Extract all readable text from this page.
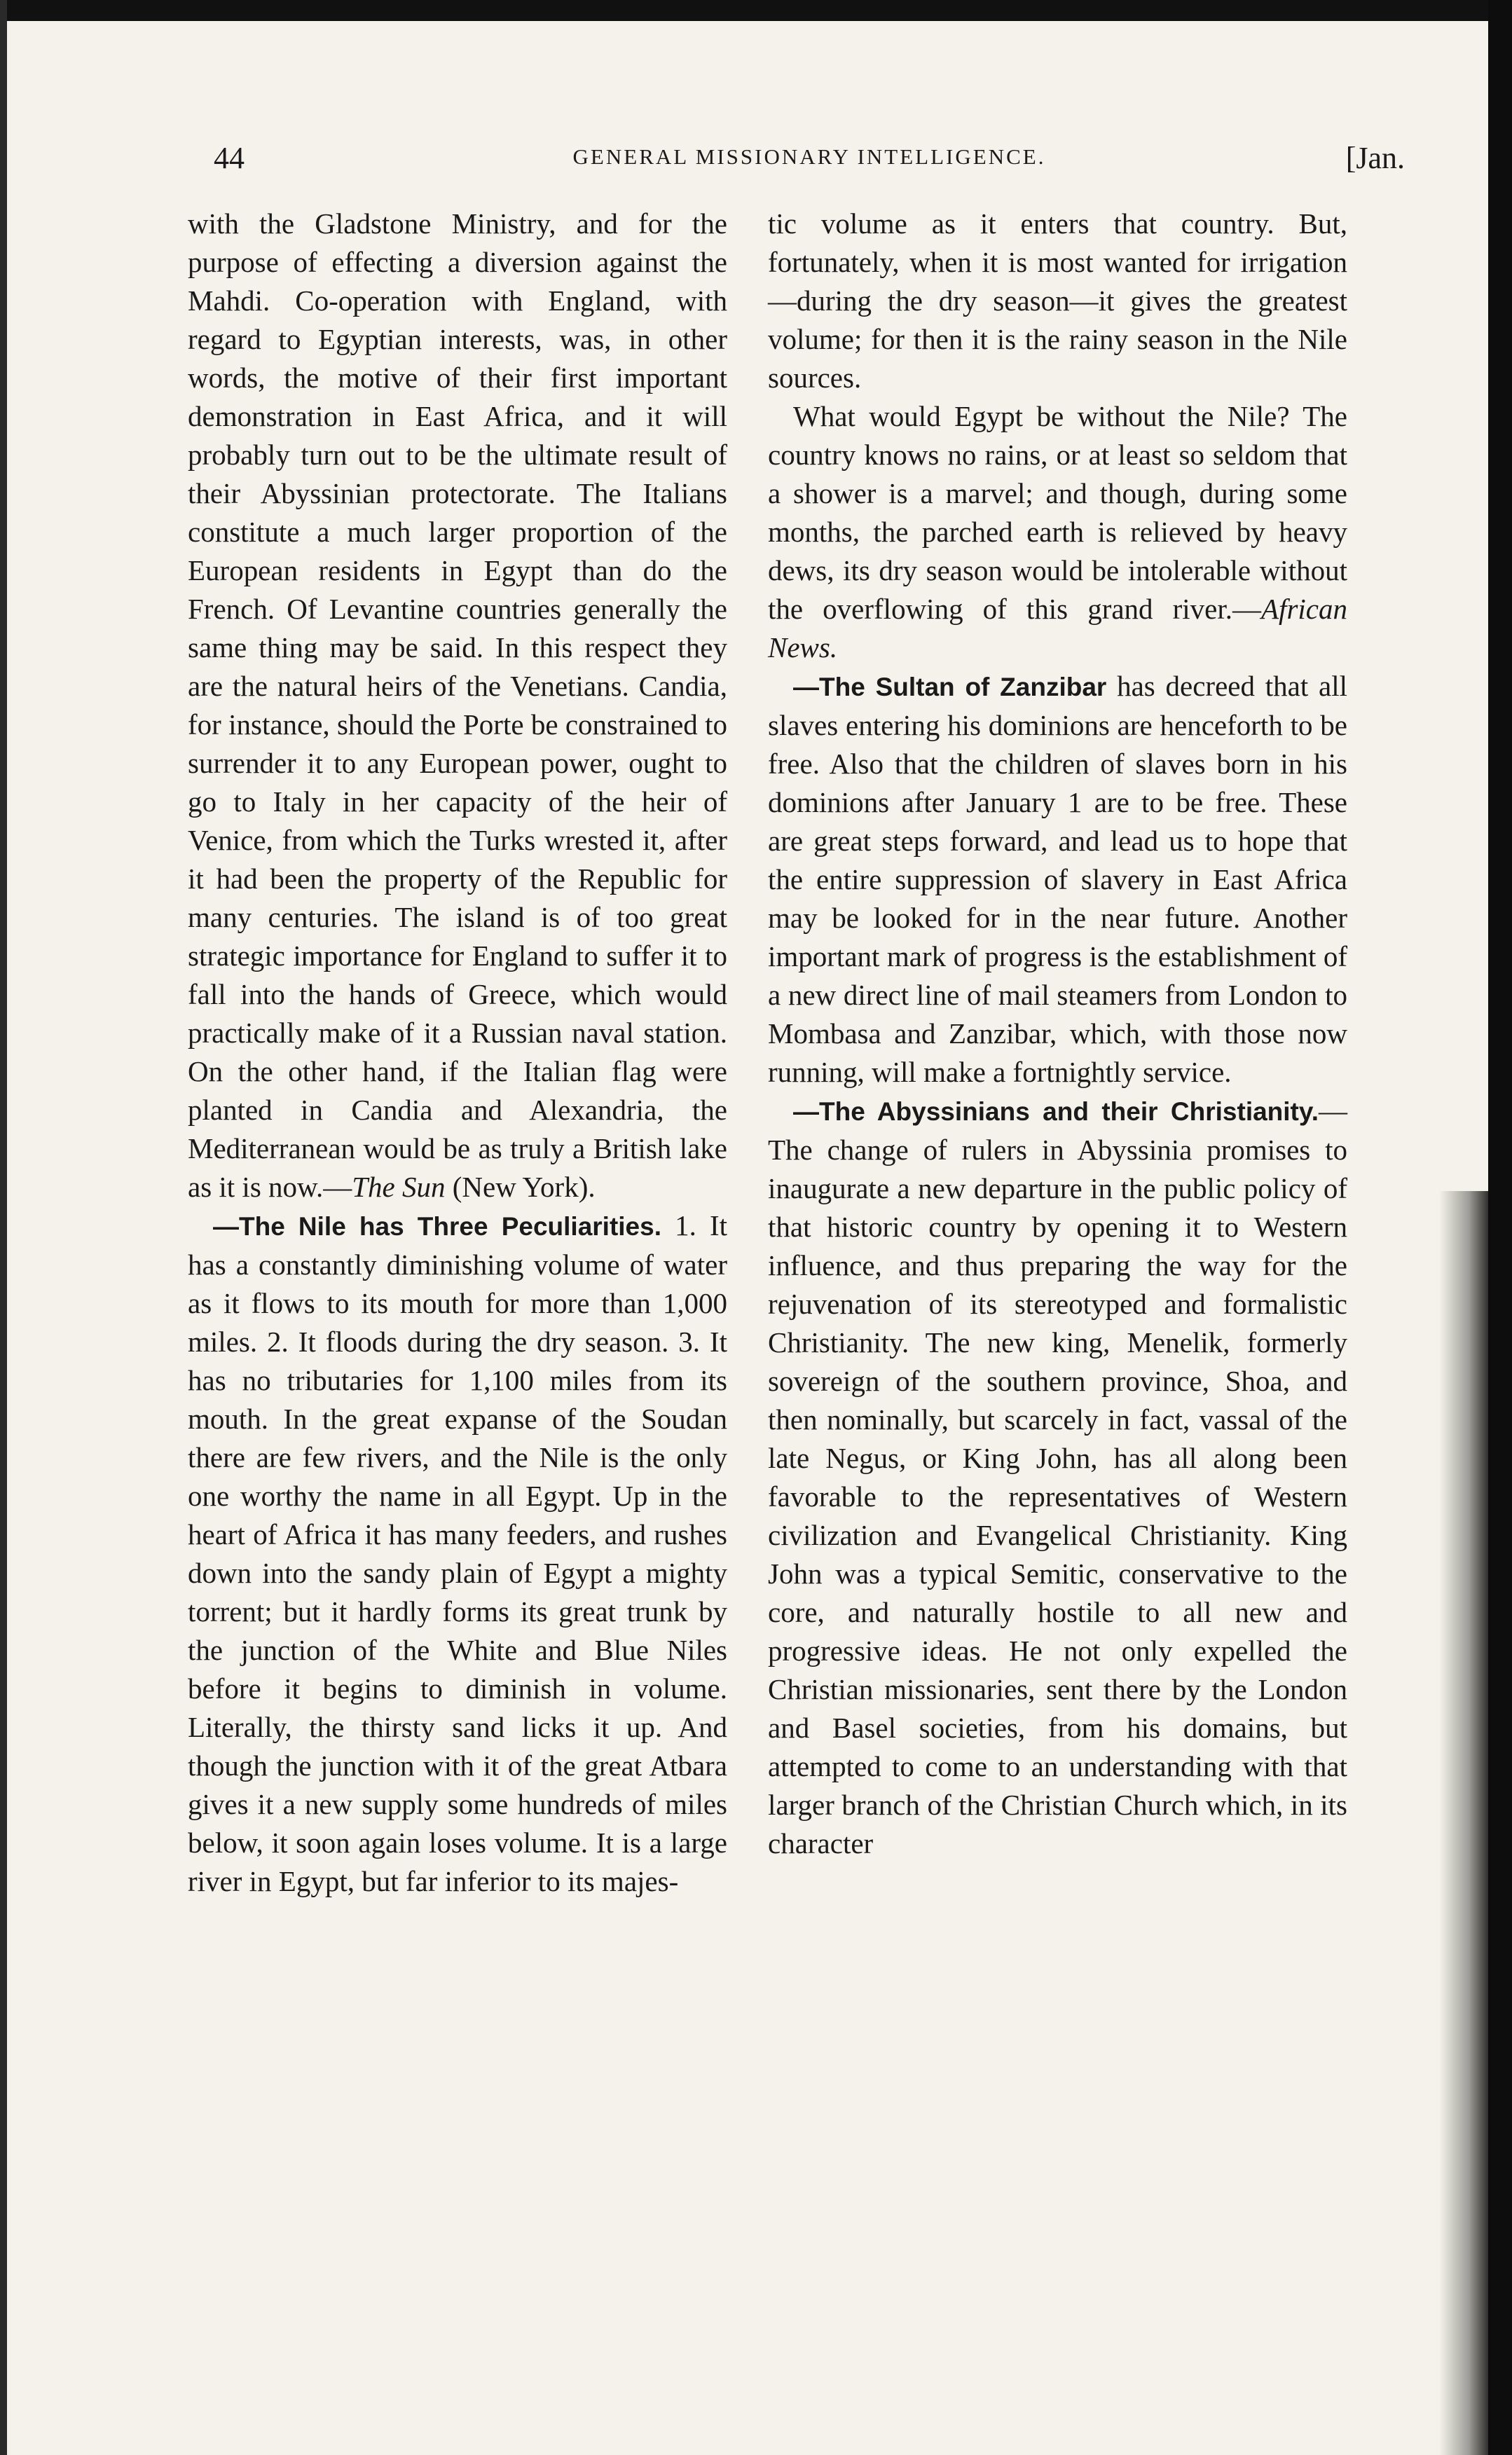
44	GENERAL MISSIONARY INTELLIGENCE.	[Jan.

with the Gladstone Ministry, and for the purpose of effecting a diversion against the Mahdi. Co-operation with England, with regard to Egyptian interests, was, in other words, the motive of their first important demonstration in East Africa, and it will probably turn out to be the ultimate result of their Abyssinian protectorate. The Italians constitute a much larger proportion of the European residents in Egypt than do the French. Of Levantine countries generally the same thing may be said. In this respect they are the natural heirs of the Venetians. Candia, for instance, should the Porte be constrained to surrender it to any European power, ought to go to Italy in her capacity of the heir of Venice, from which the Turks wrested it, after it had been the property of the Republic for many centuries. The island is of too great strategic importance for England to suffer it to fall into the hands of Greece, which would practically make of it a Russian naval station. On the other hand, if the Italian flag were planted in Candia and Alexandria, the Mediterranean would be as truly a British lake as it is now.—The Sun (New York).

—The Nile has Three Peculiarities. 1. It has a constantly diminishing volume of water as it flows to its mouth for more than 1,000 miles. 2. It floods during the dry season. 3. It has no tributaries for 1,100 miles from its mouth. In the great expanse of the Soudan there are few rivers, and the Nile is the only one worthy the name in all Egypt. Up in the heart of Africa it has many feeders, and rushes down into the sandy plain of Egypt a mighty torrent; but it hardly forms its great trunk by the junction of the White and Blue Niles before it begins to diminish in volume. Literally, the thirsty sand licks it up. And though the junction with it of the great Atbara gives it a new supply some hundreds of miles below, it soon again loses volume. It is a large river in Egypt, but far inferior to its majes-

tic volume as it enters that country. But, fortunately, when it is most wanted for irrigation—during the dry season—it gives the greatest volume; for then it is the rainy season in the Nile sources.

What would Egypt be without the Nile? The country knows no rains, or at least so seldom that a shower is a marvel; and though, during some months, the parched earth is relieved by heavy dews, its dry season would be intolerable without the overflowing of this grand river.—African News.

—The Sultan of Zanzibar has decreed that all slaves entering his dominions are henceforth to be free. Also that the children of slaves born in his dominions after January 1 are to be free. These are great steps forward, and lead us to hope that the entire suppression of slavery in East Africa may be looked for in the near future. Another important mark of progress is the establishment of a new direct line of mail steamers from London to Mombasa and Zanzibar, which, with those now running, will make a fortnightly service.

—The Abyssinians and their Christianity.—The change of rulers in Abyssinia promises to inaugurate a new departure in the public policy of that historic country by opening it to Western influence, and thus preparing the way for the rejuvenation of its stereotyped and formalistic Christianity. The new king, Menelik, formerly sovereign of the southern province, Shoa, and then nominally, but scarcely in fact, vassal of the late Negus, or King John, has all along been favorable to the representatives of Western civilization and Evangelical Christianity. King John was a typical Semitic, conservative to the core, and naturally hostile to all new and progressive ideas. He not only expelled the Christian missionaries, sent there by the London and Basel societies, from his domains, but attempted to come to an understanding with that larger branch of the Christian Church which, in its character
